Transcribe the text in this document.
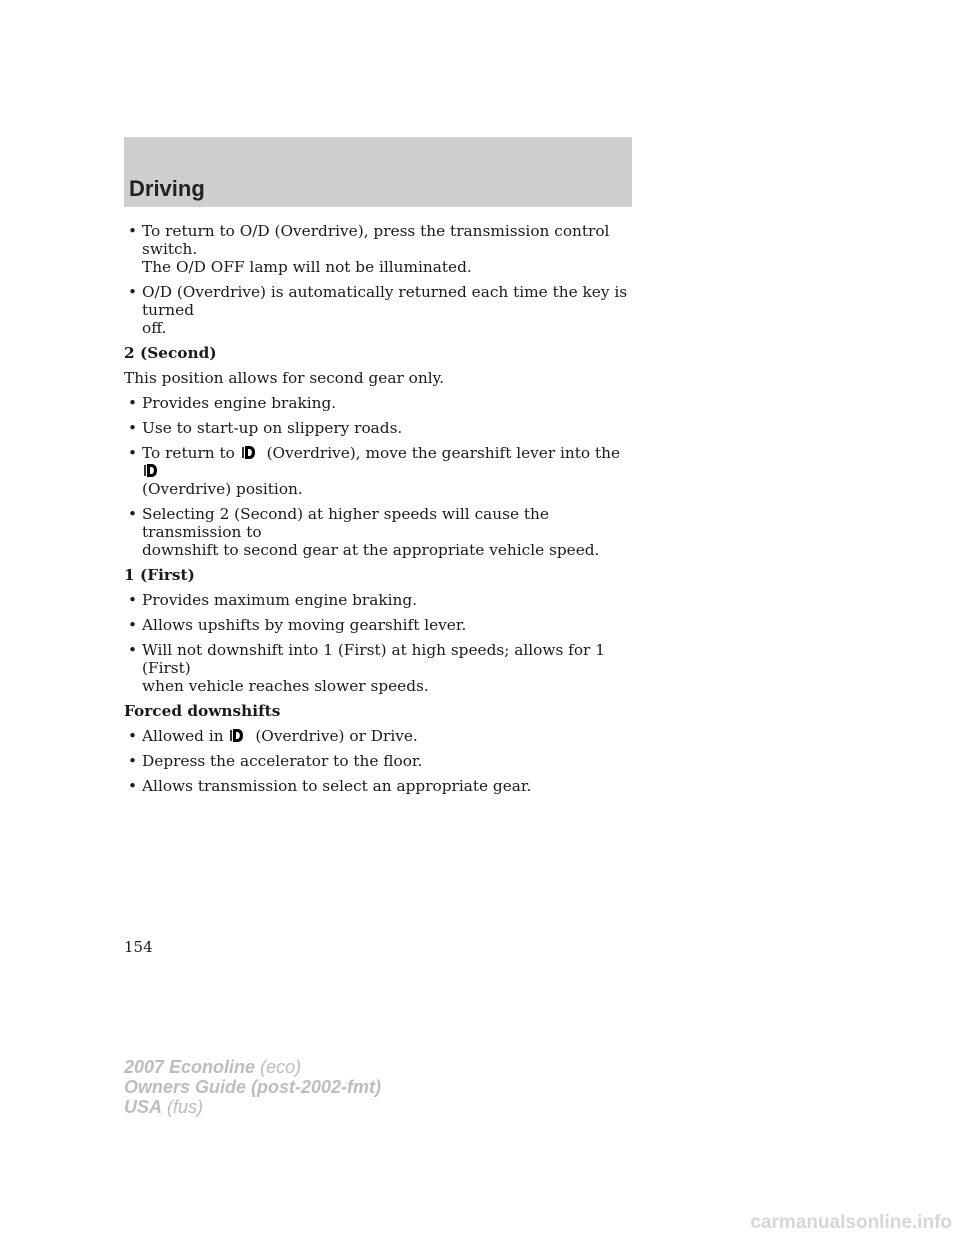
Driving
• To return to O/D (Overdrive), press the transmission control switch.
The O/D OFF lamp will not be illuminated.
• O/D (Overdrive) is automatically returned each time the key is turned
off.
2 (Second)
This position allows for second gear only.
• Provides engine braking.
• Use to start-up on slippery roads.
• To return to (Overdrive), move the gearshift lever into the
(Overdrive) position.
• Selecting 2 (Second) at higher speeds will cause the transmission to
downshift to second gear at the appropriate vehicle speed.
1 (First)
• Provides maximum engine braking.
• Allows upshifts by moving gearshift lever.
• Will not downshift into 1 (First) at high speeds; allows for 1 (First)
when vehicle reaches slower speeds.
Forced downshifts
• Allowed in (Overdrive) or Drive.
• Depress the accelerator to the floor.
• Allows transmission to select an appropriate gear.
154
2007 Econoline (eco)
Owners Guide (post-2002-fmt)
USA (fus)
carmanualsonline.info
